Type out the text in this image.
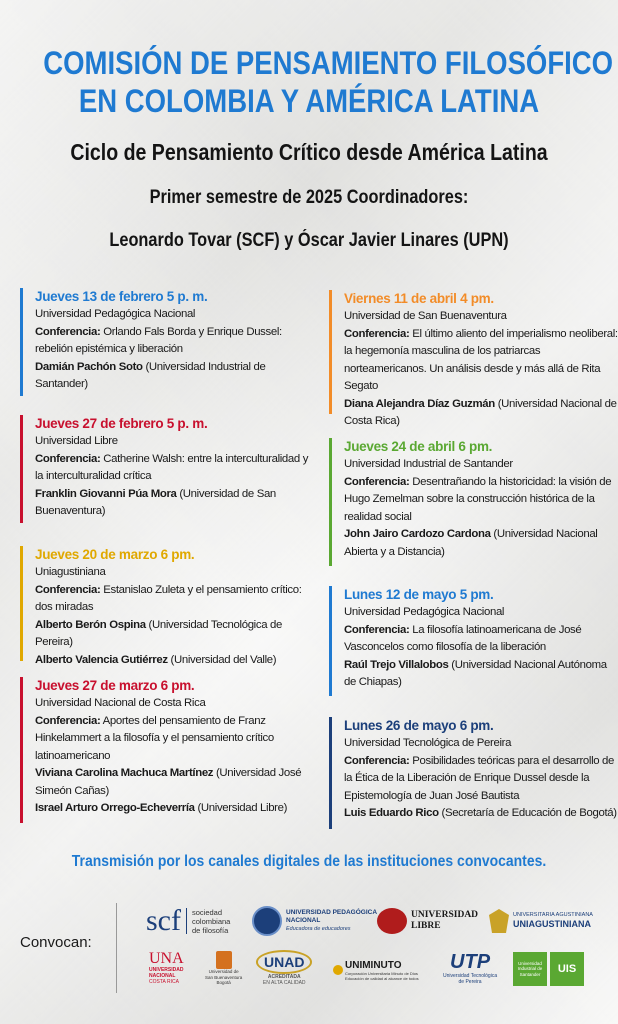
COMISIÓN DE PENSAMIENTO FILOSÓFICO
EN COLOMBIA Y AMÉRICA LATINA
Ciclo de Pensamiento Crítico desde América Latina
Primer semestre de 2025 Coordinadores:
Leonardo Tovar (SCF) y Óscar Javier Linares (UPN)
Jueves 13 de febrero 5 p. m.
Universidad Pedagógica Nacional
Conferencia: Orlando Fals Borda y Enrique Dussel: rebelión epistémica y liberación
Damián Pachón Soto (Universidad Industrial de Santander)
Jueves 27 de febrero 5 p. m.
Universidad Libre
Conferencia: Catherine Walsh: entre la interculturalidad y la interculturalidad crítica
Franklin Giovanni Púa Mora (Universidad de San Buenaventura)
Jueves 20 de marzo 6 pm.
Uniagustiniana
Conferencia: Estanislao Zuleta y el pensamiento crítico: dos miradas
Alberto Berón Ospina (Universidad Tecnológica de Pereira)
Alberto Valencia Gutiérrez (Universidad del Valle)
Jueves 27 de marzo 6 pm.
Universidad Nacional de Costa Rica
Conferencia: Aportes del pensamiento de Franz Hinkelammert a la filosofía y el pensamiento crítico latinoamericano
Viviana Carolina Machuca Martínez (Universidad José Simeón Cañas)
Israel Arturo Orrego-Echeverría (Universidad Libre)
Viernes 11 de abril 4 pm.
Universidad de San Buenaventura
Conferencia: El último aliento del imperialismo neoliberal: la hegemonía masculina de los patriarcas norteamericanos. Un análisis desde y más allá de Rita Segato
Diana Alejandra Díaz Guzmán (Universidad Nacional de Costa Rica)
Jueves 24 de abril 6 pm.
Universidad Industrial de Santander
Conferencia: Desentrañando la historicidad: la visión de Hugo Zemelman sobre la construcción histórica de la realidad social
John Jairo Cardozo Cardona (Universidad Nacional Abierta y a Distancia)
Lunes 12 de mayo 5 pm.
Universidad Pedagógica Nacional
Conferencia: La filosofía latinoamericana de José Vasconcelos como filosofía de la liberación
Raúl Trejo Villalobos (Universidad Nacional Autónoma de Chiapas)
Lunes 26 de mayo 6 pm.
Universidad Tecnológica de Pereira
Conferencia: Posibilidades teóricas para el desarrollo de la Ética de la Liberación de Enrique Dussel desde la Epistemología de Juan José Bautista
Luis Eduardo Rico (Secretaría de Educación de Bogotá)
Transmisión por los canales digitales de las instituciones convocantes.
Convocan:
scf sociedad
colombiana
de filosofía
UNIVERSIDAD PEDAGÓGICA
NACIONAL
Educadora de educadores
UNIVERSIDAD
LIBRE
UNIVERSITARIA AGUSTINIANA
UNIAGUSTINIANA
UNA
UNIVERSIDAD
NACIONAL
COSTA RICA
Universidad de
San Buenaventura
Bogotá
UNAD
ACREDITADA
EN ALTA CALIDAD
UNIMINUTO
Corporación Universitaria Minuto de Dios
Educación de calidad al alcance de todos
UTP
Universidad Tecnológica
de Pereira
Universidad
Industrial de
Santander	UIS
